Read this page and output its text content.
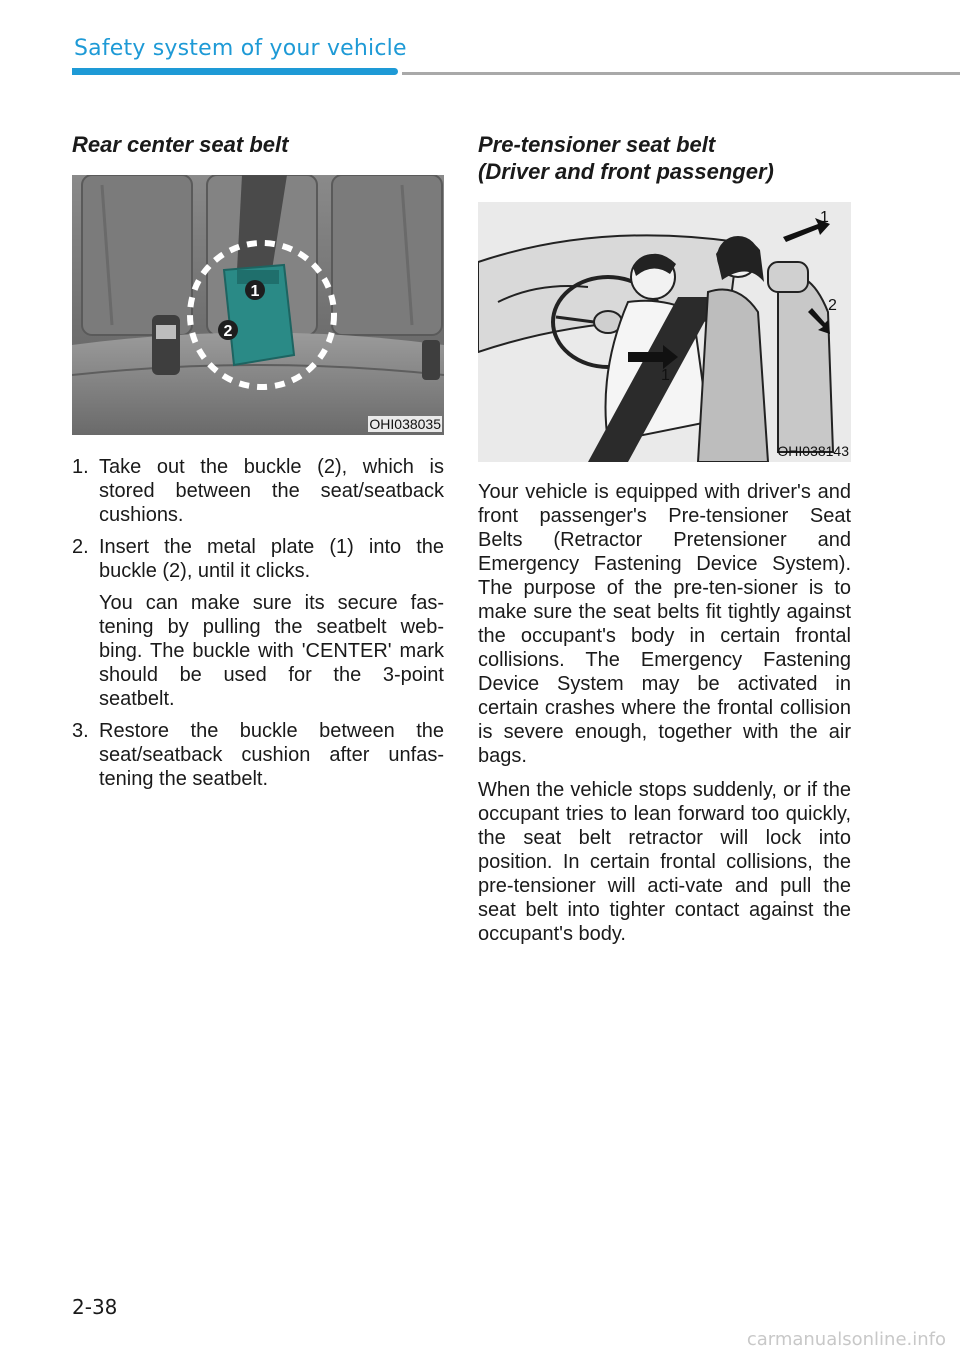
Safety system of your vehicle
Rear center seat belt
1
2
OHI038035
1. Take out the buckle (2), which is stored between the seat/seatback cushions.
2. Insert the metal plate (1) into the buckle (2), until it clicks.

You can make sure its secure fas-tening by pulling the seatbelt web-bing. The buckle with 'CENTER' mark should be used for the 3-point seatbelt.

3. Restore the buckle between the seat/seatback cushion after unfas-tening the seatbelt.
Pre-tensioner seat belt
(Driver and front passenger)
1
2
1
OHI038143

Your vehicle is equipped with driver's and front passenger's Pre-tensioner Seat Belts (Retractor Pretensioner and Emergency Fastening Device System). The purpose of the pre-ten-sioner is to make sure the seat belts fit tightly against the occupant's body in certain frontal collisions. The Emergency Fastening Device System may be activated in certain crashes where the frontal collision is severe enough, together with the air bags.

When the vehicle stops suddenly, or if the occupant tries to lean forward too quickly, the seat belt retractor will lock into position. In certain frontal collisions, the pre-tensioner will acti-vate and pull the seat belt into tighter contact against the occupant's body.

2-38
carmanualsonline.info
